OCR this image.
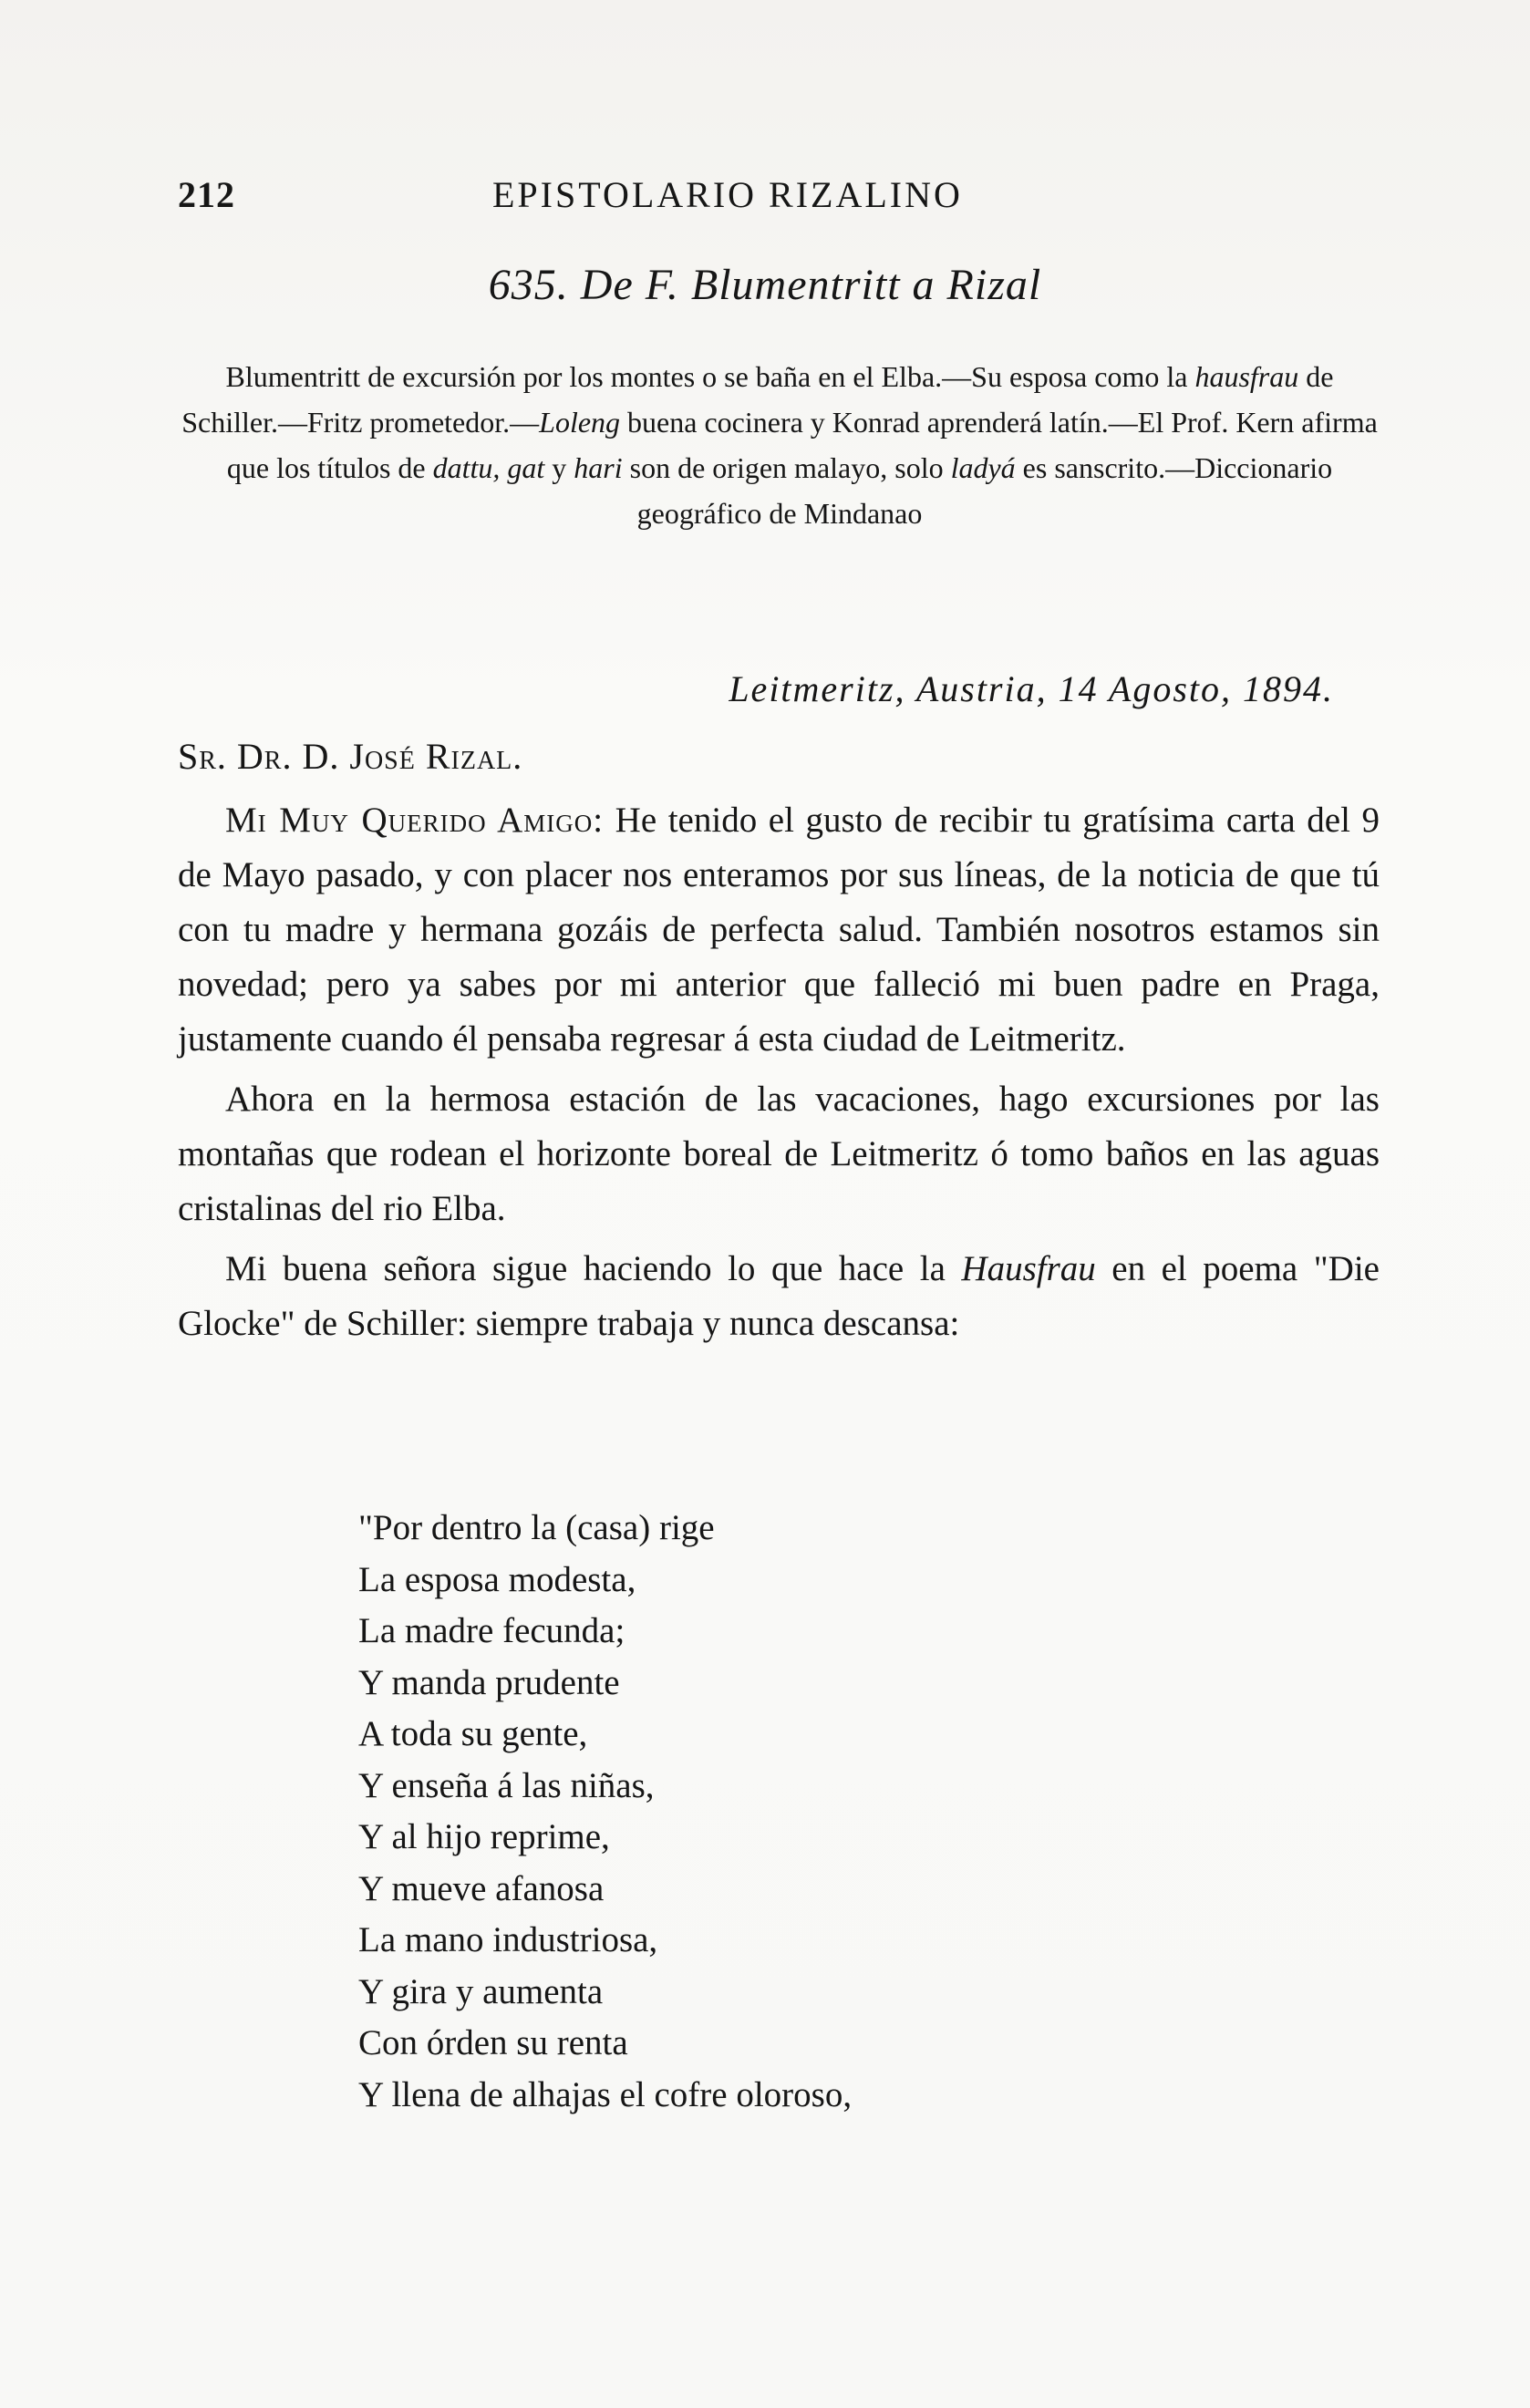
212	EPISTOLARIO RIZALINO
635. De F. Blumentritt a Rizal
Blumentritt de excursión por los montes o se baña en el Elba.—Su esposa como la hausfrau de Schiller.—Fritz prometedor.—Loleng buena cocinera y Konrad aprenderá latín.—El Prof. Kern afirma que los títulos de dattu, gat y hari son de origen malayo, solo ladyá es sanscrito.—Diccionario geográfico de Mindanao
Leitmeritz, Austria, 14 Agosto, 1894.
Sr. Dr. D. José Rizal.

Mi Muy Querido Amigo: He tenido el gusto de recibir tu gratísima carta del 9 de Mayo pasado, y con placer nos enteramos por sus líneas, de la noticia de que tú con tu madre y hermana gozáis de perfecta salud. También nosotros estamos sin novedad; pero ya sabes por mi anterior que falleció mi buen padre en Praga, justamente cuando él pensaba regresar á esta ciudad de Leitmeritz.

Ahora en la hermosa estación de las vacaciones, hago excursiones por las montañas que rodean el horizonte boreal de Leitmeritz ó tomo baños en las aguas cristalinas del rio Elba.

Mi buena señora sigue haciendo lo que hace la Hausfrau en el poema "Die Glocke" de Schiller: siempre trabaja y nunca descansa:

"Por dentro la (casa) rige
La esposa modesta,
La madre fecunda;
Y manda prudente
A toda su gente,
Y enseña á las niñas,
Y al hijo reprime,
Y mueve afanosa
La mano industriosa,
Y gira y aumenta
Con órden su renta
Y llena de alhajas el cofre oloroso,
